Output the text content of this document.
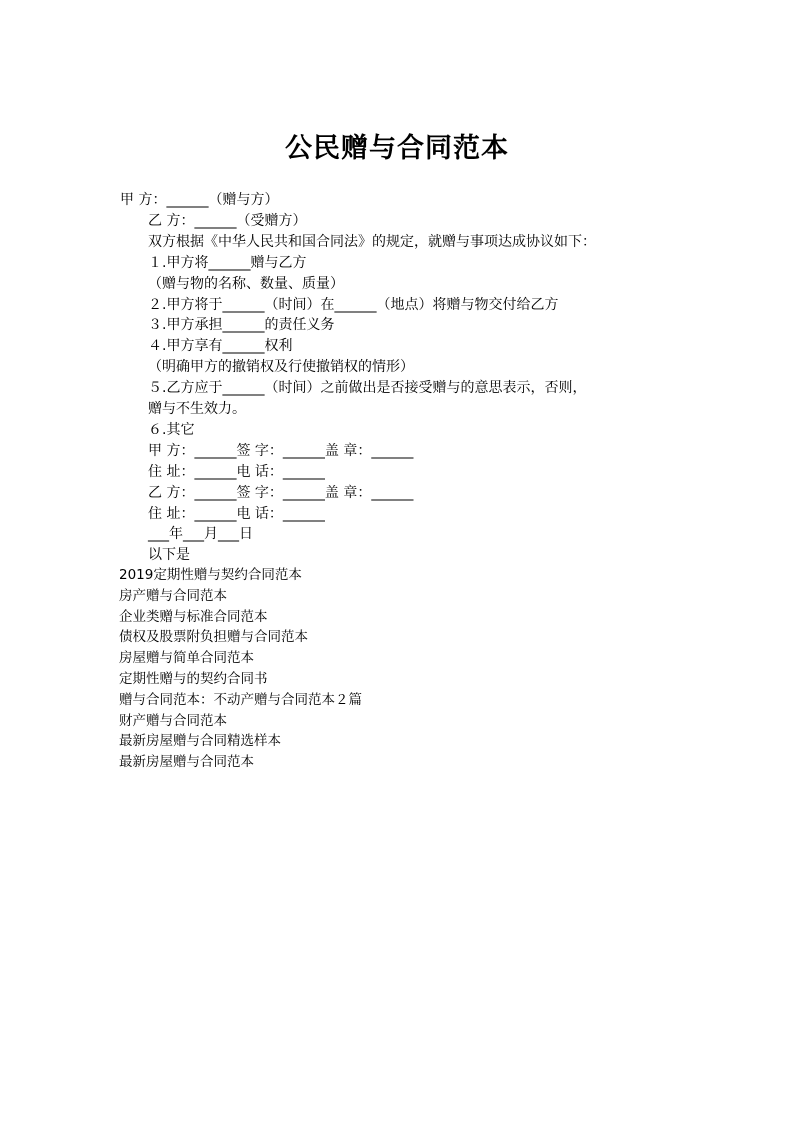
公民赠与合同范本
甲 方：______（赠与方）
乙 方：______（受赠方）
双方根据《中华人民共和国合同法》的规定，就赠与事项达成协议如下：
１.甲方将______赠与乙方
（赠与物的名称、数量、质量）
２.甲方将于______（时间）在______（地点）将赠与物交付给乙方
３.甲方承担______的责任义务
４.甲方享有______权利
（明确甲方的撤销权及行使撤销权的情形）
５.乙方应于______（时间）之前做出是否接受赠与的意思表示，否则，
赠与不生效力。
６.其它
甲 方：______签 字：______盖 章：______
住 址：______电 话：______
乙 方：______签 字：______盖 章：______
住 址：______电 话：______
___年___月___日
以下是
2019定期性赠与契约合同范本
房产赠与合同范本
企业类赠与标准合同范本
债权及股票附负担赠与合同范本
房屋赠与简单合同范本
定期性赠与的契约合同书
赠与合同范本：不动产赠与合同范本２篇
财产赠与合同范本
最新房屋赠与合同精选样本
最新房屋赠与合同范本
